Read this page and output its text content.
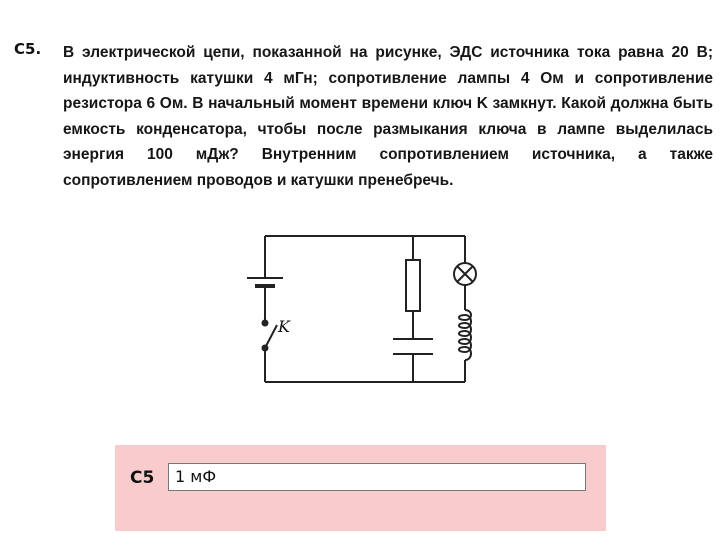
С5. В электрической цепи, показанной на рисунке, ЭДС источника тока равна 20 В; индуктивность катушки 4 мГн; сопротивление лампы 4 Ом и сопротивление резистора 6 Ом. В начальный момент времени ключ K замкнут. Какой должна быть емкость конденсатора, чтобы после размыкания ключа в лампе выделилась энергия 100 мДж? Внутренним сопротивлением источника, а также сопротивлением проводов и катушки пренебречь.
K
С5	1 мФ
